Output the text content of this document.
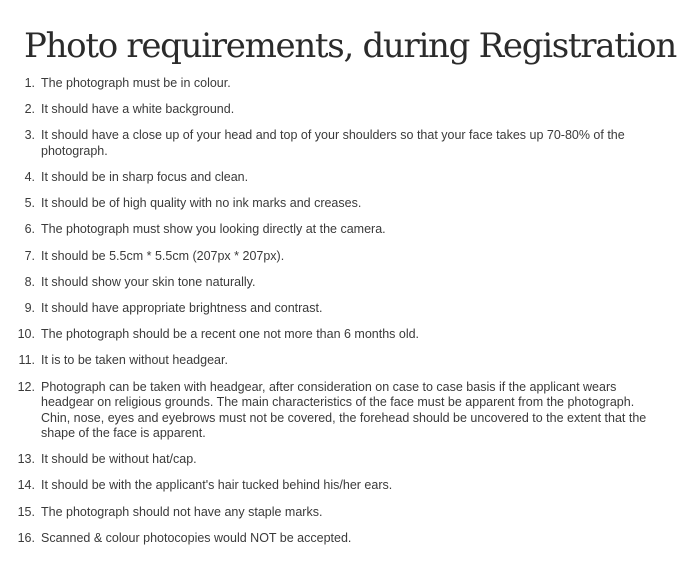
Photo requirements, during Registration
1. The photograph must be in colour.
2. It should have a white background.
3. It should have a close up of your head and top of your shoulders so that your face takes up 70-80% of the photograph.
4. It should be in sharp focus and clean.
5. It should be of high quality with no ink marks and creases.
6. The photograph must show you looking directly at the camera.
7. It should be 5.5cm * 5.5cm (207px * 207px).
8. It should show your skin tone naturally.
9. It should have appropriate brightness and contrast.
10. The photograph should be a recent one not more than 6 months old.
11. It is to be taken without headgear.
12. Photograph can be taken with headgear, after consideration on case to case basis if the applicant wears headgear on religious grounds. The main characteristics of the face must be apparent from the photograph. Chin, nose, eyes and eyebrows must not be covered, the forehead should be uncovered to the extent that the shape of the face is apparent.
13. It should be without hat/cap.
14. It should be with the applicant's hair tucked behind his/her ears.
15. The photograph should not have any staple marks.
16. Scanned & colour photocopies would NOT be accepted.
